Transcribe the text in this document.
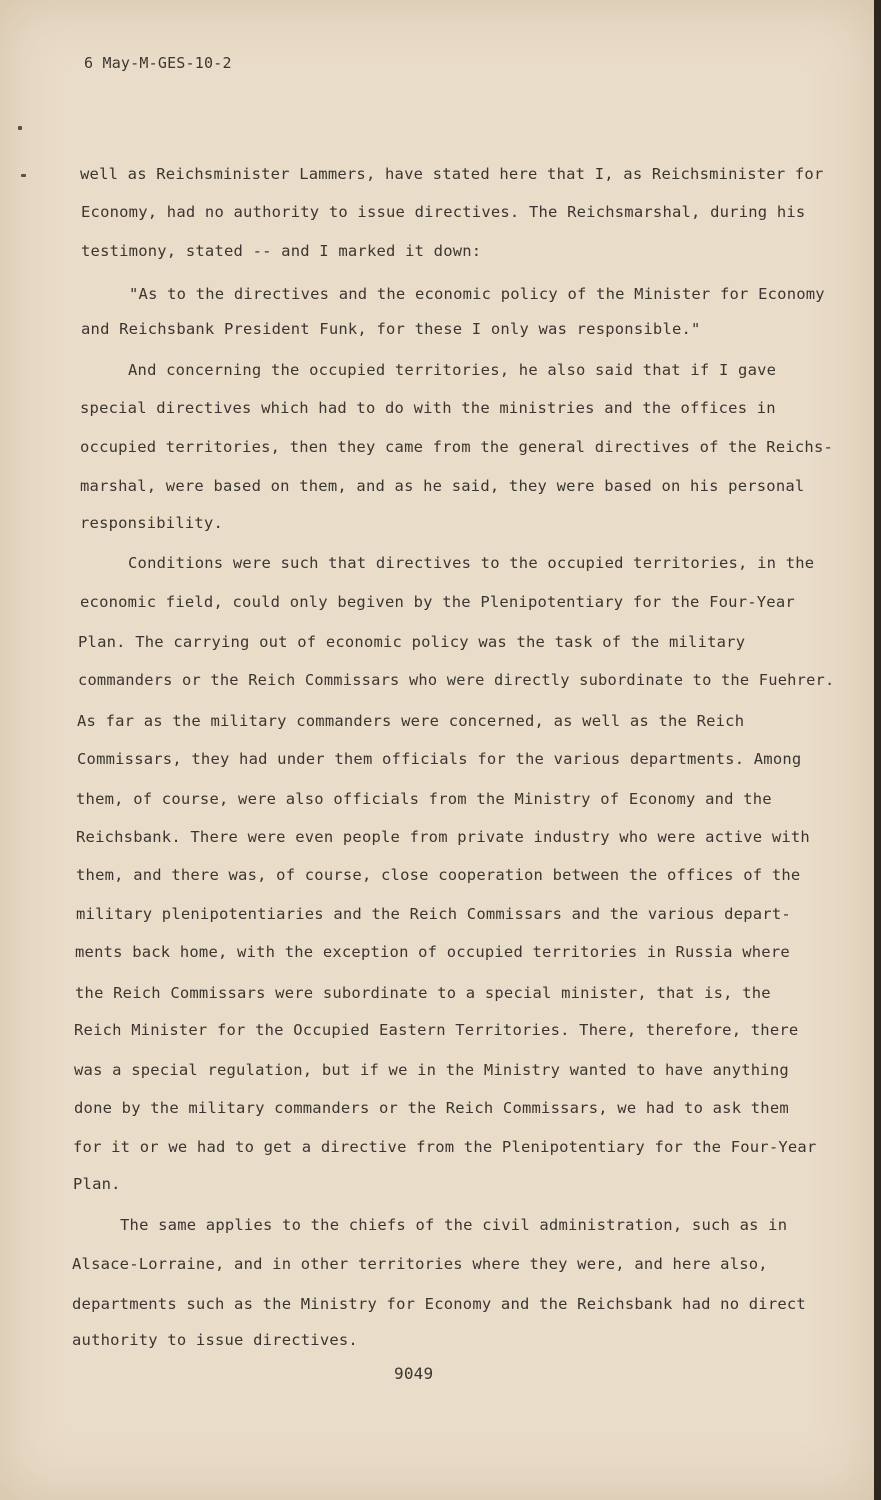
6 May-M-GES-10-2
well as Reichsminister Lammers, have stated here that I, as Reichsminister for
Economy, had no authority to issue directives. The Reichsmarshal, during his
testimony, stated -- and I marked it down:
"As to the directives and the economic policy of the Minister for Economy
and Reichsbank President Funk, for these I only was responsible."
And concerning the occupied territories, he also said that if I gave
special directives which had to do with the ministries and the offices in
occupied territories, then they came from the general directives of the Reichs-
marshal, were based on them, and as he said, they were based on his personal
responsibility.
Conditions were such that directives to the occupied territories, in the
economic field, could only begiven by the Plenipotentiary for the Four-Year
Plan. The carrying out of economic policy was the task of the military
commanders or the Reich Commissars who were directly subordinate to the Fuehrer.
As far as the military commanders were concerned, as well as the Reich
Commissars, they had under them officials for the various departments. Among
them, of course, were also officials from the Ministry of Economy and the
Reichsbank. There were even people from private industry who were active with
them, and there was, of course, close cooperation between the offices of the
military plenipotentiaries and the Reich Commissars and the various depart-
ments back home, with the exception of occupied territories in Russia where
the Reich Commissars were subordinate to a special minister, that is, the
Reich Minister for the Occupied Eastern Territories. There, therefore, there
was a special regulation, but if we in the Ministry wanted to have anything
done by the military commanders or the Reich Commissars, we had to ask them
for it or we had to get a directive from the Plenipotentiary for the Four-Year
Plan.
The same applies to the chiefs of the civil administration, such as in
Alsace-Lorraine, and in other territories where they were, and here also,
departments such as the Ministry for Economy and the Reichsbank had no direct
authority to issue directives.
9049
